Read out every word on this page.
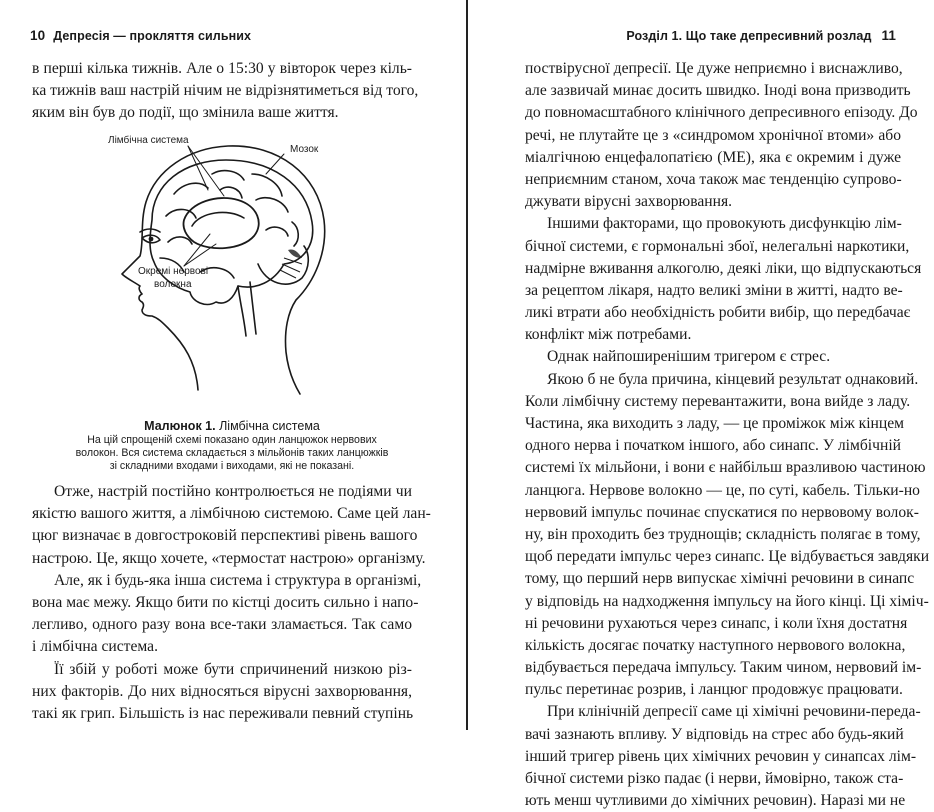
10 Депресія — прокляття сильних
в перші кілька тижнів. Але о 15:30 у вівторок через кіль-
ка тижнів ваш настрій нічим не відрізнятиметься від того,
яким він був до події, що змінила ваше життя.
Лімбічна система
Мозок
Окремі нервові
волокна
Малюнок 1. Лімбічна система
На цій спрощеній схемі показано один ланцюжок нервових
волокон. Вся система складається з мільйонів таких ланцюжків
зі складними входами і виходами, які не показані.
Отже, настрій постійно контролюється не подіями чи
якістю вашого життя, а лімбічною системою. Саме цей лан-
цюг визначає в довгостроковій перспективі рівень вашого
настрою. Це, якщо хочете, «термостат настрою» організму.
Але, як і будь-яка інша система і структура в організмі,
вона має межу. Якщо бити по кістці досить сильно і напо-
легливо, одного разу вона все-таки зламається. Так само
і лімбічна система.
Її збій у роботі може бути спричинений низкою різ-
них факторів. До них відносяться вірусні захворювання,
такі як грип. Більшість із нас переживали певний ступінь
Розділ 1. Що таке депресивний розлад 11
поствірусної депресії. Це дуже неприємно і виснажливо,
але зазвичай минає досить швидко. Іноді вона призводить
до повномасштабного клінічного депресивного епізоду. До
речі, не плутайте це з «синдромом хронічної втоми» або
міалгічною енцефалопатією (МЕ), яка є окремим і дуже
неприємним станом, хоча також має тенденцію супрово-
джувати вірусні захворювання.
Іншими факторами, що провокують дисфункцію лім-
бічної системи, є гормональні збої, нелегальні наркотики,
надмірне вживання алкоголю, деякі ліки, що відпускаються
за рецептом лікаря, надто великі зміни в житті, надто ве-
ликі втрати або необхідність робити вибір, що передбачає
конфлікт між потребами.
Однак найпоширенішим тригером є стрес.
Якою б не була причина, кінцевий результат однаковий.
Коли лімбічну систему перевантажити, вона вийде з ладу.
Частина, яка виходить з ладу, — це проміжок між кінцем
одного нерва і початком іншого, або синапс. У лімбічній
системі їх мільйони, і вони є найбільш вразливою частиною
ланцюга. Нервове волокно — це, по суті, кабель. Тільки-но
нервовий імпульс починає спускатися по нервовому волок-
ну, він проходить без труднощів; складність полягає в тому,
щоб передати імпульс через синапс. Це відбувається завдяки
тому, що перший нерв випускає хімічні речовини в синапс
у відповідь на надходження імпульсу на його кінці. Ці хіміч-
ні речовини рухаються через синапс, і коли їхня достатня
кількість досягає початку наступного нервового волокна,
відбувається передача імпульсу. Таким чином, нервовий ім-
пульс перетинає розрив, і ланцюг продовжує працювати.
При клінічній депресії саме ці хімічні речовини-переда-
вачі зазнають впливу. У відповідь на стрес або будь-який
інший тригер рівень цих хімічних речовин у синапсах лім-
бічної системи різко падає (і нерви, ймовірно, також ста-
ють менш чутливими до хімічних речовин). Наразі ми не
